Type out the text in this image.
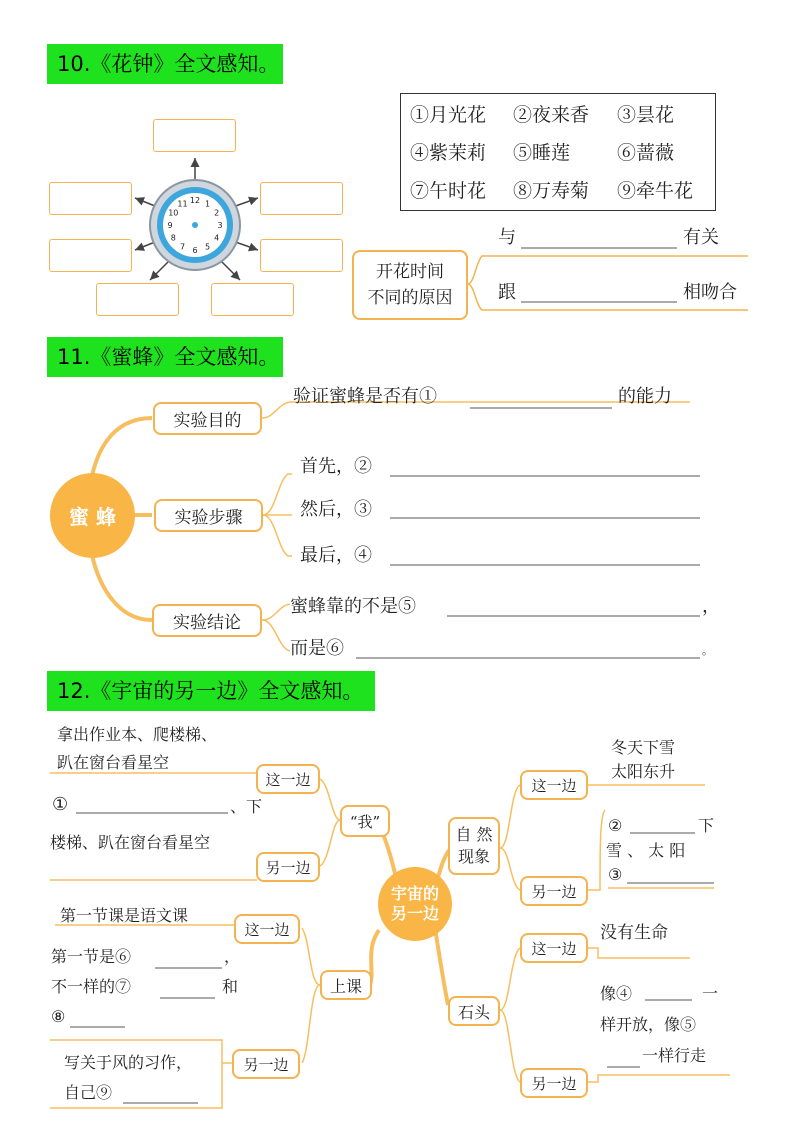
10.《花钟》全文感知。
12 1
2
3
4
5
6
7
8
9
10
11
①月光花 ②夜来香 ③昙花
④紫茉莉 ⑤睡莲 ⑥蔷薇
⑦午时花 ⑧万寿菊 ⑨牵牛花
开花时间
不同的原因
与	有关
跟	相吻合
11.《蜜蜂》全文感知。
蜜 蜂
实验目的
实验步骤
实验结论
验证蜜蜂是否有①	的能力
首先，②
然后，③
最后，④
蜜蜂靠的不是⑤	，
而是⑥	。
12.《宇宙的另一边》全文感知。
宇宙的
另一边
“我”
这一边
另一边
拿出作业本、爬楼梯、
趴在窗台看星空
①	、下
楼梯、趴在窗台看星空
上课
这一边
另一边
第一节课是语文课
第一节是⑥	，
不一样的⑦	和
⑧
写关于风的习作，
自己⑨
自 然
现象
这一边
另一边
冬天下雪
太阳东升
②	下
雪 、 太 阳
③
石头
这一边
另一边
没有生命
像④	一
样开放，像⑤
一样行走
